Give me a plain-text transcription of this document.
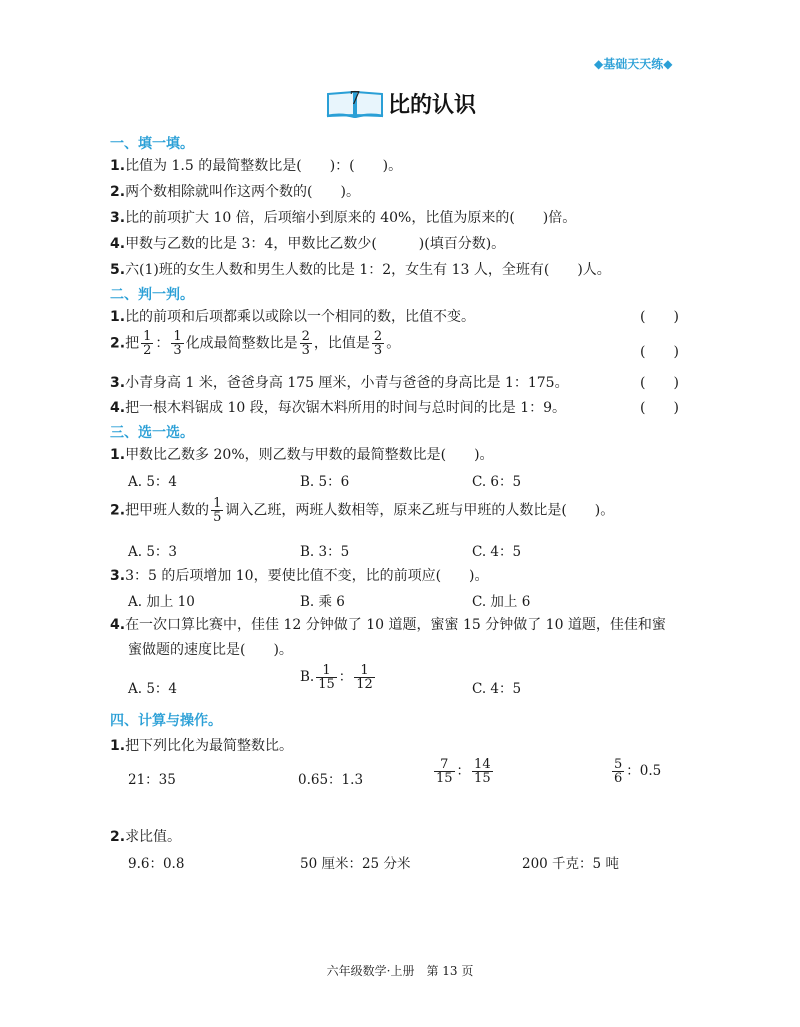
◆基础天天练◆
7 比的认识
一、填一填。
1.比值为 1.5 的最简整数比是(　　)：(　　)。
2.两个数相除就叫作这两个数的(　　)。
3.比的前项扩大 10 倍，后项缩小到原来的 40%，比值为原来的(　　)倍。
4.甲数与乙数的比是 3：4，甲数比乙数少(　　　)(填百分数)。
5.六(1)班的女生人数和男生人数的比是 1：2，女生有 13 人，全班有(　　)人。
二、判一判。
1.比的前项和后项都乘以或除以一个相同的数，比值不变。	(　　)
2.把 $\frac{1}{2}$ ： $\frac{1}{3}$ 化成最简整数比是 $\frac{2}{3}$ ，比值是 $\frac{2}{3}$ 。
(　　)
3.小青身高 1 米，爸爸身高 175 厘米，小青与爸爸的身高比是 1：175。	(　　)
4.把一根木料锯成 10 段，每次锯木料所用的时间与总时间的比是 1：9。	(　　)
三、选一选。
1.甲数比乙数多 20%，则乙数与甲数的最简整数比是(　　)。
A. 5：4	B. 5：6	C. 6：5
2.把甲班人数的 $\frac{1}{5}$ 调入乙班，两班人数相等，原来乙班与甲班的人数比是(　　)。
A. 5：3	B. 3：5	C. 4：5
3.3：5 的后项增加 10，要使比值不变，比的前项应(　　)。
A. 加上 10	B. 乘 6	C. 加上 6
4.在一次口算比赛中，佳佳 12 分钟做了 10 道题，蜜蜜 15 分钟做了 10 道题，佳佳和蜜
蜜做题的速度比是(　　)。
A. 5：4
B. $\frac{1}{15}$ ： $\frac{1}{12}$	C. 4：5
四、计算与操作。
1.把下列比化为最简整数比。
21：35	0.65：1.3	$\frac{7}{15}$ ： $\frac{14}{15}$	$\frac{5}{6}$ ：0.5
2.求比值。
9.6：0.8	50 厘米：25 分米	200 千克：5 吨
六年级数学·上册　第 13 页
